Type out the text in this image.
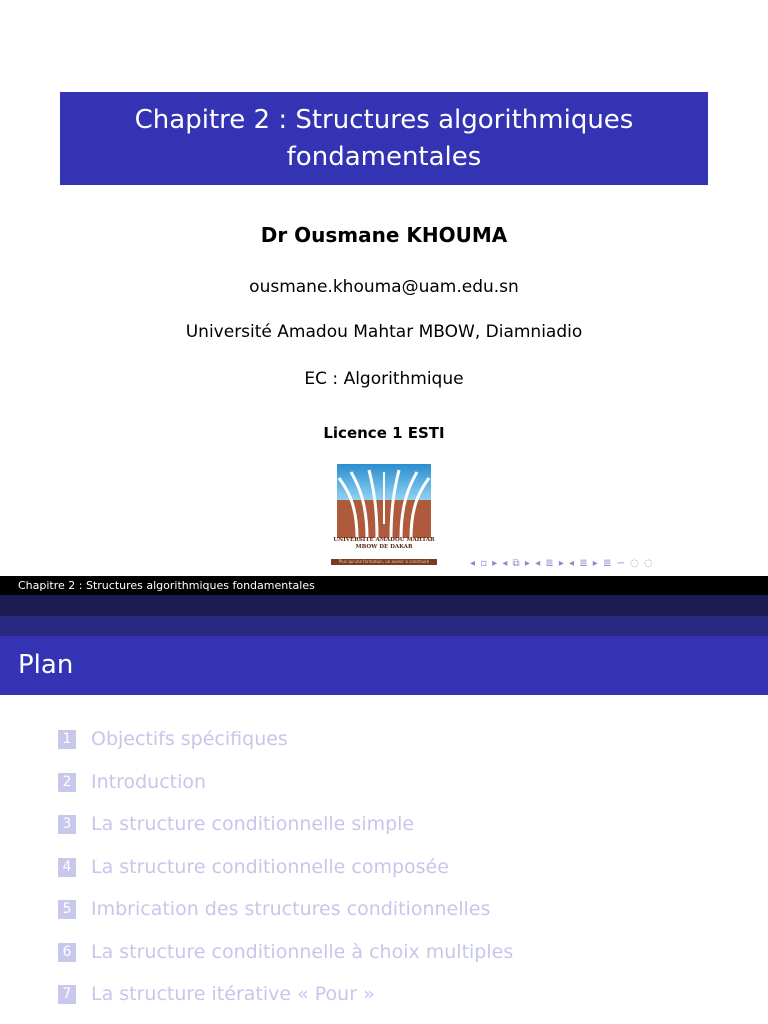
Chapitre 2 : Structures algorithmiques
fondamentales
Dr Ousmane KHOUMA
ousmane.khouma@uam.edu.sn
Université Amadou Mahtar MBOW, Diamniadio
EC : Algorithmique
Licence 1 ESTI
UNIVERSITE AMADOU MAHTAR MBOW DE DAKAR
Plus qu'une formation, un avenir à construire	◂ ▫ ▸ ◂ ⧉ ▸ ◂ ≣ ▸ ◂ ≣ ▸ ≣ ∽ ◌ ◌
Chapitre 2 : Structures algorithmiques fondamentales
Plan
1 Objectifs spécifiques
2 Introduction
3 La structure conditionnelle simple
4 La structure conditionnelle composée
5 Imbrication des structures conditionnelles
6 La structure conditionnelle à choix multiples
7 La structure itérative « Pour »
